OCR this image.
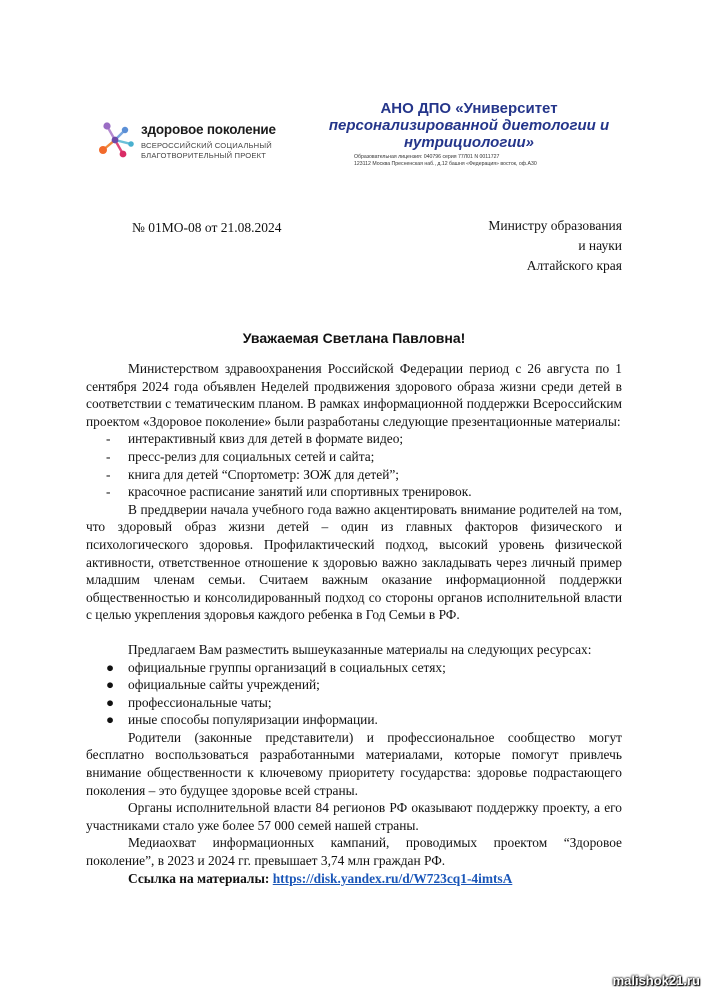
здоровое поколение
ВСЕРОССИЙСКИЙ СОЦИАЛЬНЫЙ
БЛАГОТВОРИТЕЛЬНЫЙ ПРОЕКТ
АНО ДПО «Университет
персонализированной диетологии и
нутрициологии»
Образовательная лицензия: 040796 серия 77Л01 N 0011727
123112 Москва Пресненская наб., д.12 башня «Федерация» восток, оф.А30
№ 01МО-08 от 21.08.2024	Министру образования
и науки
Алтайского края
Уважаемая Светлана Павловна!

Министерством здравоохранения Российской Федерации период с 26 августа по 1 сентября 2024 года объявлен Неделей продвижения здорового образа жизни среди детей в соответствии с тематическим планом. В рамках информационной поддержки Всероссийским проектом «Здоровое поколение» были разработаны следующие презентационные материалы:

- интерактивный квиз для детей в формате видео;
- пресс-релиз для социальных сетей и сайта;
- книга для детей “Спортометр: ЗОЖ для детей”;
- красочное расписание занятий или спортивных тренировок.

В преддверии начала учебного года важно акцентировать внимание родителей на том, что здоровый образ жизни детей – один из главных факторов физического и психологического здоровья. Профилактический подход, высокий уровень физической активности, ответственное отношение к здоровью важно закладывать через личный пример младшим членам семьи. Считаем важным оказание информационной поддержки общественностью и консолидированный подход со стороны органов исполнительной власти с целью укрепления здоровья каждого ребенка в Год Семьи в РФ.

Предлагаем Вам разместить вышеуказанные материалы на следующих ресурсах:

● официальные группы организаций в социальных сетях;
● официальные сайты учреждений;
● профессиональные чаты;
● иные способы популяризации информации.

Родители (законные представители) и профессиональное сообщество могут бесплатно воспользоваться разработанными материалами, которые помогут привлечь внимание общественности к ключевому приоритету государства: здоровье подрастающего поколения – это будущее здоровье всей страны.

Органы исполнительной власти 84 регионов РФ оказывают поддержку проекту, а его участниками стало уже более 57 000 семей нашей страны.

Медиаохват информационных кампаний, проводимых проектом “Здоровое поколение”, в 2023 и 2024 гг. превышает 3,74 млн граждан РФ.

Ссылка на материалы: https://disk.yandex.ru/d/W723cq1-4imtsA

malishok21.ru
